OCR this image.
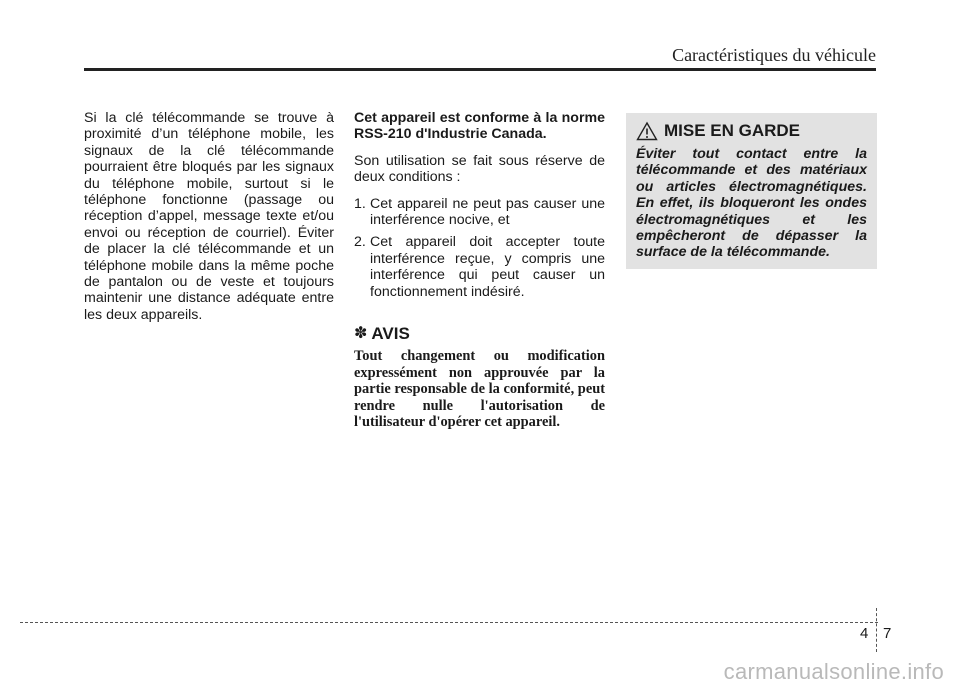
Caractéristiques du véhicule
Si la clé télécommande se trouve à proximité d’un téléphone mobile, les signaux de la clé télécommande pourraient être bloqués par les signaux du téléphone mobile, surtout si le téléphone fonctionne (passage ou réception d’appel, message texte et/ou envoi ou réception de courriel). Éviter de placer la clé télécommande et un téléphone mobile dans la même poche de pantalon ou de veste et toujours maintenir une distance adéquate entre les deux appareils.

Cet appareil est conforme à la norme RSS-210 d'Industrie Canada.

Son utilisation se fait sous réserve de deux conditions :

1. Cet appareil ne peut pas causer une interférence nocive, et
2. Cet appareil doit accepter toute interférence reçue, y compris une interférence qui peut causer un fonctionnement indésiré.
✽ AVIS
Tout changement ou modification expressément non approuvée par la partie responsable de la conformité, peut rendre nulle l'autorisation de l'utilisateur d'opérer cet appareil.
MISE EN GARDE
Éviter tout contact entre la télécommande et des matériaux ou articles électromagnétiques. En effet, ils bloqueront les ondes électromagnétiques et les empêcheront de dépasser la surface de la télécommande.
4 7
carmanualsonline.info
